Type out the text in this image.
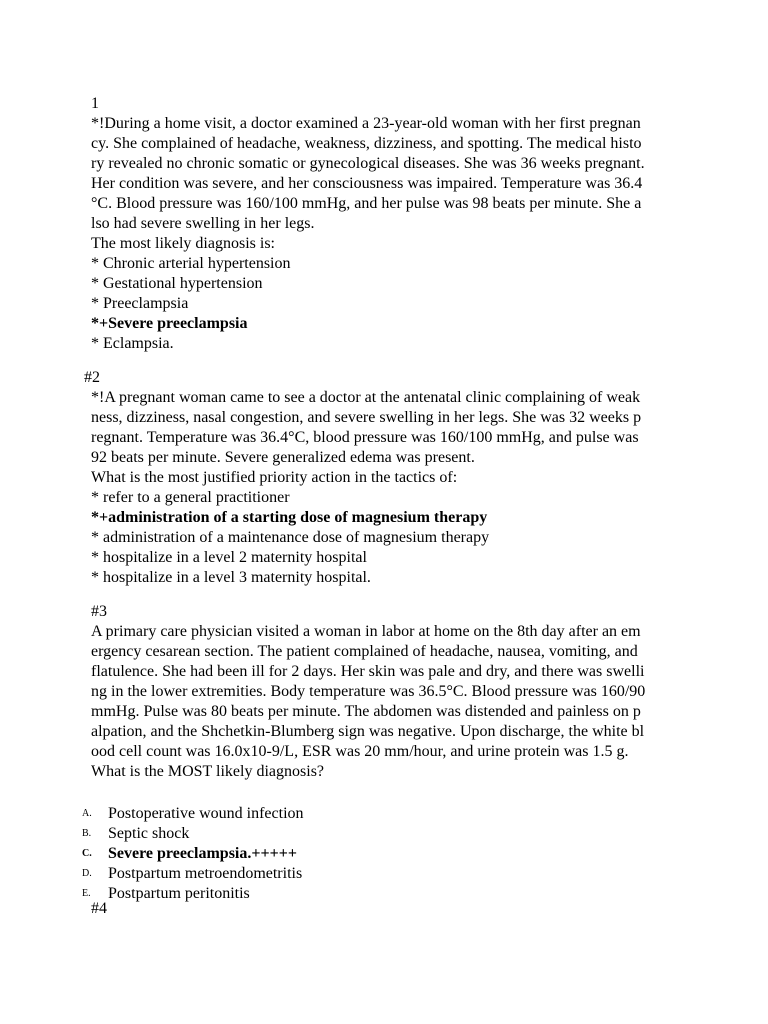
1
*!During a home visit, a doctor examined a 23-year-old woman with her first pregnan
cy. She complained of headache, weakness, dizziness, and spotting. The medical histo
ry revealed no chronic somatic or gynecological diseases. She was 36 weeks pregnant.
Her condition was severe, and her consciousness was impaired. Temperature was 36.4
°C. Blood pressure was 160/100 mmHg, and her pulse was 98 beats per minute. She a
lso had severe swelling in her legs.
The most likely diagnosis is:
* Chronic arterial hypertension
* Gestational hypertension
* Preeclampsia
*+Severe preeclampsia
* Eclampsia.
#2
*!A pregnant woman came to see a doctor at the antenatal clinic complaining of weak
ness, dizziness, nasal congestion, and severe swelling in her legs. She was 32 weeks p
regnant. Temperature was 36.4°C, blood pressure was 160/100 mmHg, and pulse was
92 beats per minute. Severe generalized edema was present.
What is the most justified priority action in the tactics of:
* refer to a general practitioner
*+administration of a starting dose of magnesium therapy
* administration of a maintenance dose of magnesium therapy
* hospitalize in a level 2 maternity hospital
* hospitalize in a level 3 maternity hospital.
#3
A primary care physician visited a woman in labor at home on the 8th day after an em
ergency cesarean section. The patient complained of headache, nausea, vomiting, and
flatulence. She had been ill for 2 days. Her skin was pale and dry, and there was swelli
ng in the lower extremities. Body temperature was 36.5°C. Blood pressure was 160/90
mmHg. Pulse was 80 beats per minute. The abdomen was distended and painless on p
alpation, and the Shchetkin-Blumberg sign was negative. Upon discharge, the white bl
ood cell count was 16.0x10-9/L, ESR was 20 mm/hour, and urine protein was 1.5 g.
What is the MOST likely diagnosis?

A. Postoperative wound infection

B. Septic shock

C. Severe preeclampsia.+++++

D. Postpartum metroendometritis

E. Postpartum peritonitis

#4
